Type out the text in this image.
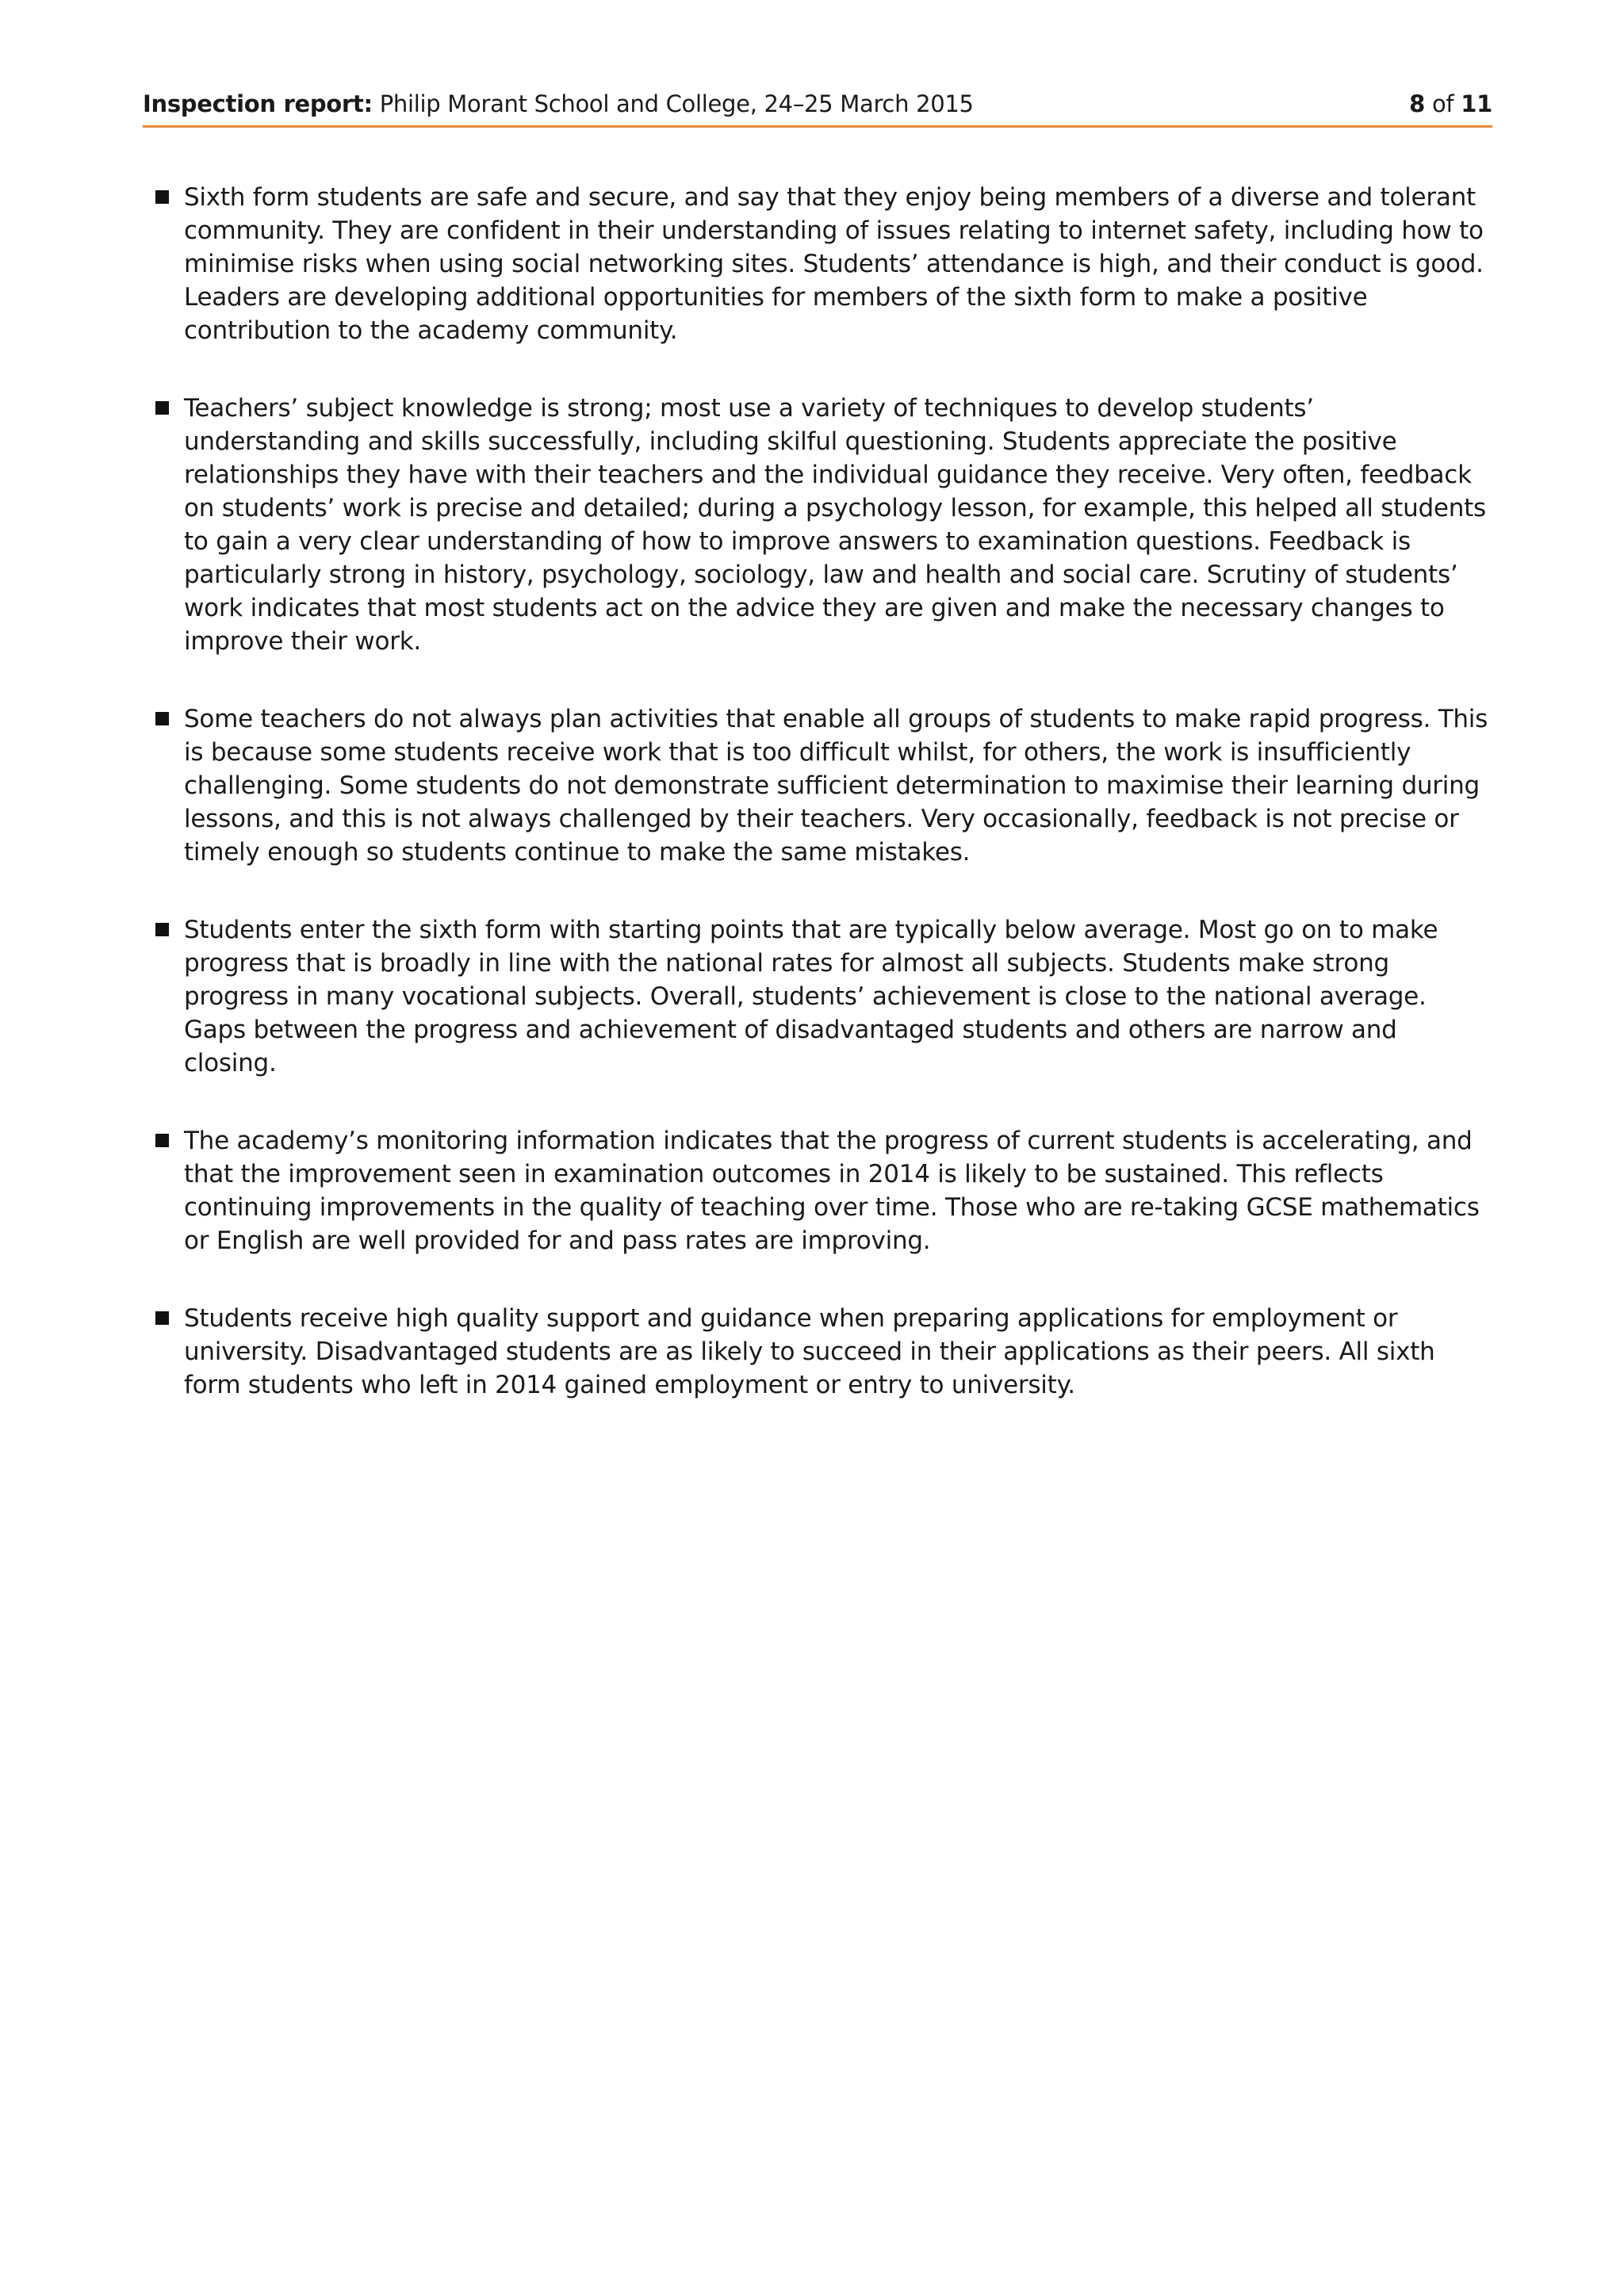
Inspection report: Philip Morant School and College, 24–25 March 2015	8 of 11
Sixth form students are safe and secure, and say that they enjoy being members of a diverse and tolerant community. They are confident in their understanding of issues relating to internet safety, including how to minimise risks when using social networking sites. Students’ attendance is high, and their conduct is good. Leaders are developing additional opportunities for members of the sixth form to make a positive contribution to the academy community.
Teachers’ subject knowledge is strong; most use a variety of techniques to develop students’ understanding and skills successfully, including skilful questioning. Students appreciate the positive relationships they have with their teachers and the individual guidance they receive. Very often, feedback on students’ work is precise and detailed; during a psychology lesson, for example, this helped all students to gain a very clear understanding of how to improve answers to examination questions. Feedback is particularly strong in history, psychology, sociology, law and health and social care. Scrutiny of students’ work indicates that most students act on the advice they are given and make the necessary changes to improve their work.
Some teachers do not always plan activities that enable all groups of students to make rapid progress. This is because some students receive work that is too difficult whilst, for others, the work is insufficiently challenging. Some students do not demonstrate sufficient determination to maximise their learning during lessons, and this is not always challenged by their teachers. Very occasionally, feedback is not precise or timely enough so students continue to make the same mistakes.
Students enter the sixth form with starting points that are typically below average. Most go on to make progress that is broadly in line with the national rates for almost all subjects. Students make strong progress in many vocational subjects. Overall, students’ achievement is close to the national average. Gaps between the progress and achievement of disadvantaged students and others are narrow and closing.
The academy’s monitoring information indicates that the progress of current students is accelerating, and that the improvement seen in examination outcomes in 2014 is likely to be sustained. This reflects continuing improvements in the quality of teaching over time. Those who are re-taking GCSE mathematics or English are well provided for and pass rates are improving.
Students receive high quality support and guidance when preparing applications for employment or university. Disadvantaged students are as likely to succeed in their applications as their peers. All sixth form students who left in 2014 gained employment or entry to university.
